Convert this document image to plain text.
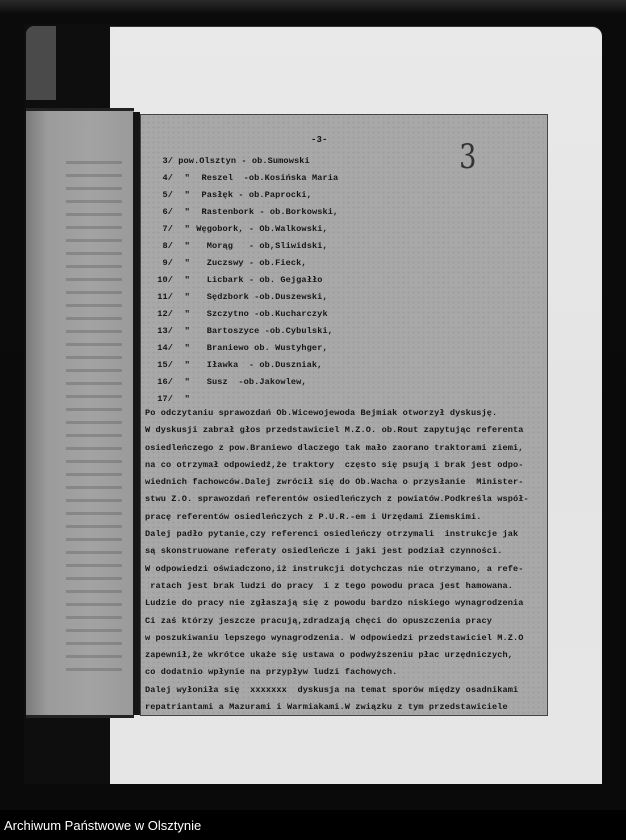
-3-	3
3/ pow.Olsztyn - ob.Sumowski
4/ " Reszel  -ob.Kosińska Maria
5/ " Pasłęk - ob.Paprocki,
6/ " Rastenbork - ob.Borkowski,
7/ " Węgobork, - Ob.Walkowski,
8/ " Morąg   - ob,Sliwidski,
9/ " Zuczswy - ob.Fieck,
10/ " Licbark - ob. Gejgałło
11/ " Sędzbork -ob.Duszewski,
12/ " Szczytno -ob.Kucharczyk
13/ " Bartoszyce -ob.Cybulski,
14/ " Braniewo ob. Wustyhger,
15/ " Iławka  - ob.Duszniak,
16/ " Susz  -ob.Jakowlew,
17/ "
Po odczytaniu sprawozdań Ob.Wicewojewoda Bejmiak otworzył dyskusję.
W dyskusji zabrał głos przedstawiciel M.Z.O. ob.Rout zapytując referenta
osiedleńczego z pow.Braniewo dlaczego tak mało zaorano traktorami ziemi,
na co otrzymał odpowiedź,że traktory  często się psują i brak jest odpo-
wiednich fachowców.Dalej zwrócił się do Ob.Wacha o przysłanie  Minister-
stwu Z.O. sprawozdań referentów osiedleńczych z powiatów.Podkreśla współ-
pracę referentów osiedleńczych z P.U.R.-em i Urzędami Ziemskimi.
Dalej padło pytanie,czy referenci osiedleńczy otrzymali  instrukcje jak
są skonstruowane referaty osiedleńcze i jaki jest podział czynności.
W odpowiedzi oświadczono,iż instrukcji dotychczas nie otrzymano, a refe-
ratach jest brak ludzi do pracy  i z tego powodu praca jest hamowana.
Ludzie do pracy nie zgłaszają się z powodu bardzo niskiego wynagrodzenia
Ci zaś którzy jeszcze pracują,zdradzają chęci do opuszczenia pracy
w poszukiwaniu lepszego wynagrodzenia. W odpowiedzi przedstawiciel M.Z.O
zapewnił,że wkrótce ukaże się ustawa o podwyższeniu płac urzędniczych,
co dodatnio wpłynie na przypływ ludzi fachowych.
Dalej wyłoniła się  xxxxxxx  dyskusja na temat sporów między osadnikami
repatriantami a Mazurami i Warmiakami.W związku z tym przedstawiciele
Archiwum Państwowe w Olsztynie
